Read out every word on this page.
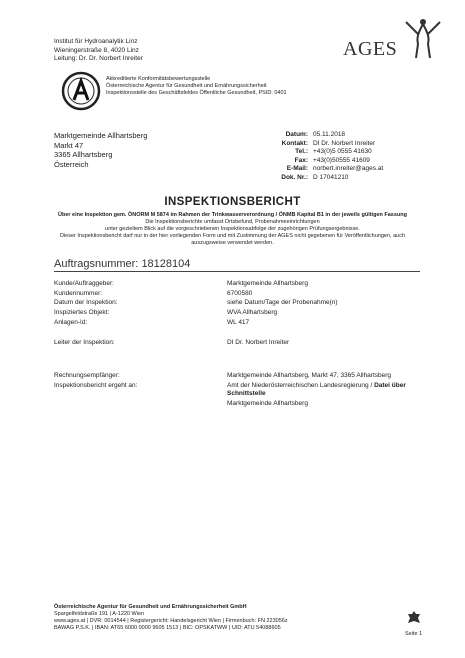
Institut für Hydroanalytik Linz
Wieningerstraße 8, 4020 Linz
Leitung: Dr. Dr. Norbert Inreiter	AGES
Akkreditierte Konformitätsbewertungsstelle
Österreichische Agentur für Gesundheit und Ernährungssicherheit
Inspektionsstelle des Geschäftsfeldes Öffentliche Gesundheit, PSID: 0401
Marktgemeinde Allhartsberg
Markt 47
3365 Allhartsberg
Österreich
Datum: 05.11.2018
Kontakt: DI Dr. Norbert Inreiter
Tel.: +43(0)5 0555 41630
Fax: +43(0)50555 41609
E-Mail: norbert.inreiter@ages.at
Dok. Nr.: D 17041210
INSPEKTIONSBERICHT
Über eine Inspektion gem. ÖNORM M 5874 im Rahmen der Trinkwasserverordnung / ÖNMB Kapital B1 in der jeweils gültigen Fassung
Die Inspektionsberichte umfasst Ortsbefund, Probenahmeeinrichtungen
unter gezieltem Blick auf die vorgeschriebenen Inspektionsabfolge der zugehörigen Prüfungsergebnisse.
Dieser Inspektionsbericht darf nur in der hier vorliegenden Form und mit Zustimmung der AGES nicht gegebenen für Veröffentlichungen, auch auszugsweise verwendet werden.
Auftragsnummer: 18128104
Kunde/Auftraggeber:	Marktgemeinde Allhartsberg
Kundennummer:	6700580
Datum der Inspektion:	siehe Datum/Tage der Probenahme(n)
Inspiziertes Objekt:	WVA Allhartsberg
Anlagen-Id:	WL 417
Leiter der Inspektion:	DI Dr. Norbert Inreiter
Rechnungsempfänger:	Marktgemeinde Allhartsberg, Markt 47, 3365 Allhartsberg
Inspektionsbericht ergeht an:	Amt der Niederösterreichischen Landesregierung / Datei über Schnittstelle
Marktgemeinde Allhartsberg
Österreichische Agentur für Gesundheit und Ernährungssicherheit GmbH
Spargelfeldstraße 191 | A-1220 Wien
www.ages.at | DVR: 0014544 | Registergericht: Handelsgericht Wien | Firmenbuch: FN 223056z
BAWAG P.S.K. | IBAN: AT65 6000 0000 9605 1513 | BIC: OPSKATWW | UID: ATU 54088605
Seite 1
